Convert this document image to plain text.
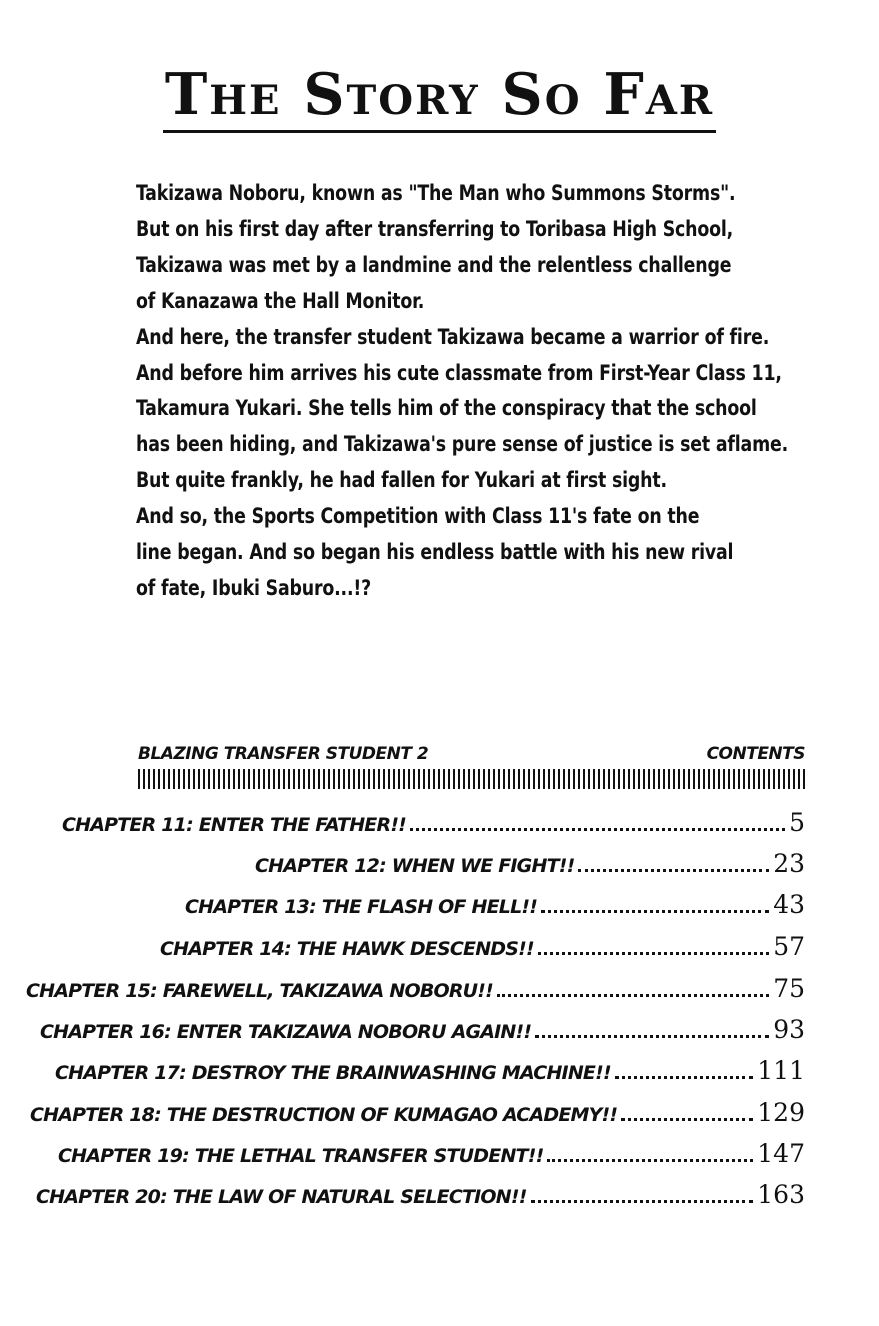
The Story So Far
Takizawa Noboru, known as "The Man who Summons Storms".
But on his first day after transferring to Toribasa High School,
Takizawa was met by a landmine and the relentless challenge
of Kanazawa the Hall Monitor.
And here, the transfer student Takizawa became a warrior of fire.
And before him arrives his cute classmate from First-Year Class 11,
Takamura Yukari. She tells him of the conspiracy that the school
has been hiding, and Takizawa's pure sense of justice is set aflame.
But quite frankly, he had fallen for Yukari at first sight.
And so, the Sports Competition with Class 11's fate on the
line began. And so began his endless battle with his new rival
of fate, Ibuki Saburo...!?
BLAZING TRANSFER STUDENT 2	CONTENTS
CHAPTER 11: ENTER THE FATHER!!	5
CHAPTER 12: WHEN WE FIGHT!!	23
CHAPTER 13: THE FLASH OF HELL!!	43
CHAPTER 14: THE HAWK DESCENDS!!	57
CHAPTER 15: FAREWELL, TAKIZAWA NOBORU!!	75
CHAPTER 16: ENTER TAKIZAWA NOBORU AGAIN!!	93
CHAPTER 17: DESTROY THE BRAINWASHING MACHINE!!	111
CHAPTER 18: THE DESTRUCTION OF KUMAGAO ACADEMY!!	129
CHAPTER 19: THE LETHAL TRANSFER STUDENT!!	147
CHAPTER 20: THE LAW OF NATURAL SELECTION!!	163
